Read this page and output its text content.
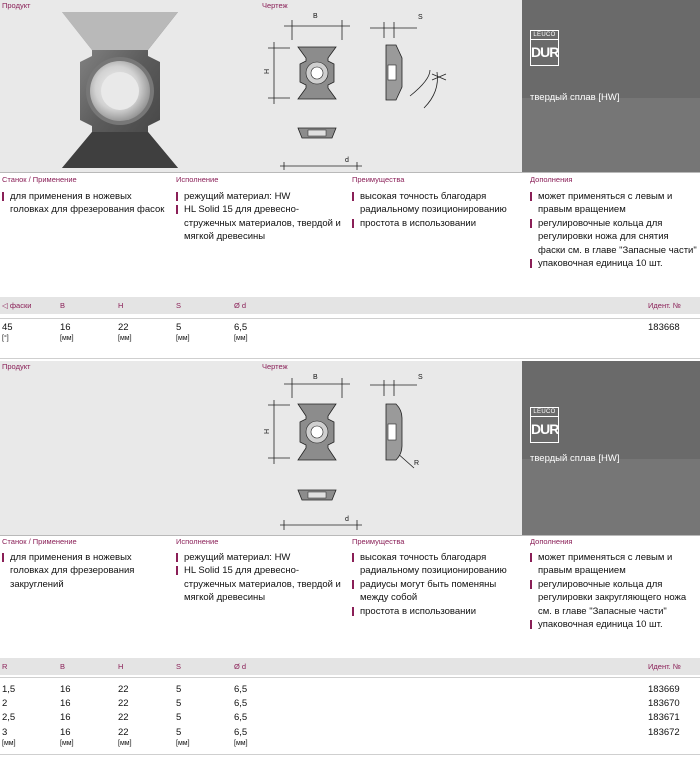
Продукт	Чертеж
B	S
H
d
LEUCO
DUR
твердый сплав [HW]
Станок / Применение	Исполнение	Преимущества	Дополнения
для применения в ножевых головках для фрезерования фасок
режущий материал: HW
HL Solid 15 для древесно-стружечных материалов, твердой и мягкой древесины
высокая точность благодаря радиальному позиционированию
простота в использовании
может применяться с левым и правым вращением
регулировочные кольца для регулировки ножа для снятия фаски см. в главе "Запасные части"
упаковочная единица 10 шт.
◁ фаски	B	H	S	Ø d	Идент. №
45	16	22	5	6,5	183668
[°]	[мм]	[мм]	[мм]	[мм]
Продукт	Чертеж
B	S
H
R
d
LEUCO
DUR
твердый сплав [HW]
Станок / Применение	Исполнение	Преимущества	Дополнения
для применения в ножевых головках для фрезерования закруглений
режущий материал: HW
HL Solid 15 для древесно-стружечных материалов, твердой и мягкой древесины
высокая точность благодаря радиальному позиционированию
радиусы могут быть поменяны между собой
простота в использовании
может применяться с левым и правым вращением
регулировочные кольца для регулировки закругляющего ножа см. в главе "Запасные части"
упаковочная единица 10 шт.
R	B	H	S	Ø d	Идент. №
1,5	16	22	5	6,5	183669
2	16	22	5	6,5	183670
2,5	16	22	5	6,5	183671
3	16	22	5	6,5	183672
[мм]	[мм]	[мм]	[мм]	[мм]
